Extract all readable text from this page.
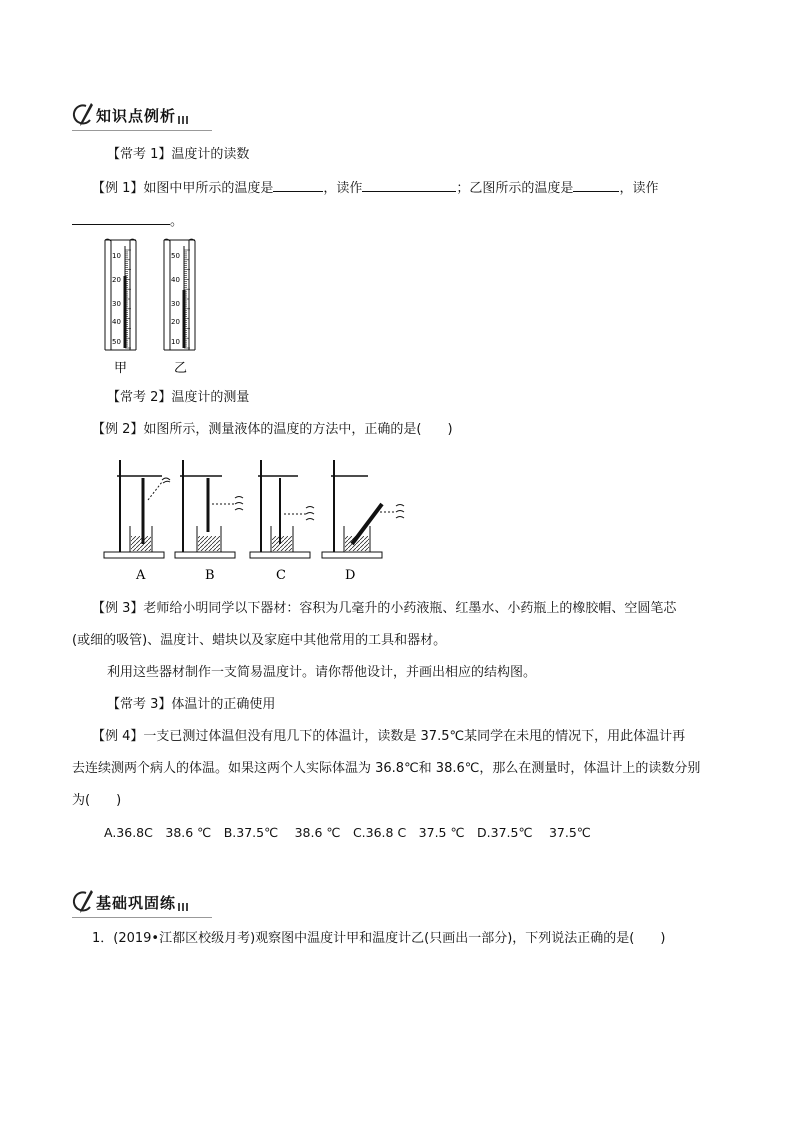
知识点例析
【常考 1】温度计的读数
【例 1】如图中甲所示的温度是	，读作	；乙图所示的温度是	，读作
。
10
20
30
40
50
甲
50
40
30
20
10
乙
【常考 2】温度计的测量
【例 2】如图所示，测量液体的温度的方法中，正确的是(　　)
A	B	C	D
【例 3】老师给小明同学以下器材：容积为几毫升的小药液瓶、红墨水、小药瓶上的橡胶帽、空圆笔芯
(或细的吸管)、温度计、蜡块以及家庭中其他常用的工具和器材。
利用这些器材制作一支简易温度计。请你帮他设计，并画出相应的结构图。
【常考 3】体温计的正确使用
【例 4】一支已测过体温但没有甩几下的体温计，读数是 37.5℃某同学在未甩的情况下，用此体温计再
去连续测两个病人的体温。如果这两个人实际体温为 36.8℃和 38.6℃，那么在测量时，体温计上的读数分别
为(　　)
A.36.8C　38.6 ℃　B.37.5℃　 38.6 ℃　C.36.8 C　37.5 ℃　D.37.5℃　 37.5℃
基础巩固练
1．(2019•江都区校级月考)观察图中温度计甲和温度计乙(只画出一部分)，下列说法正确的是(　　)
